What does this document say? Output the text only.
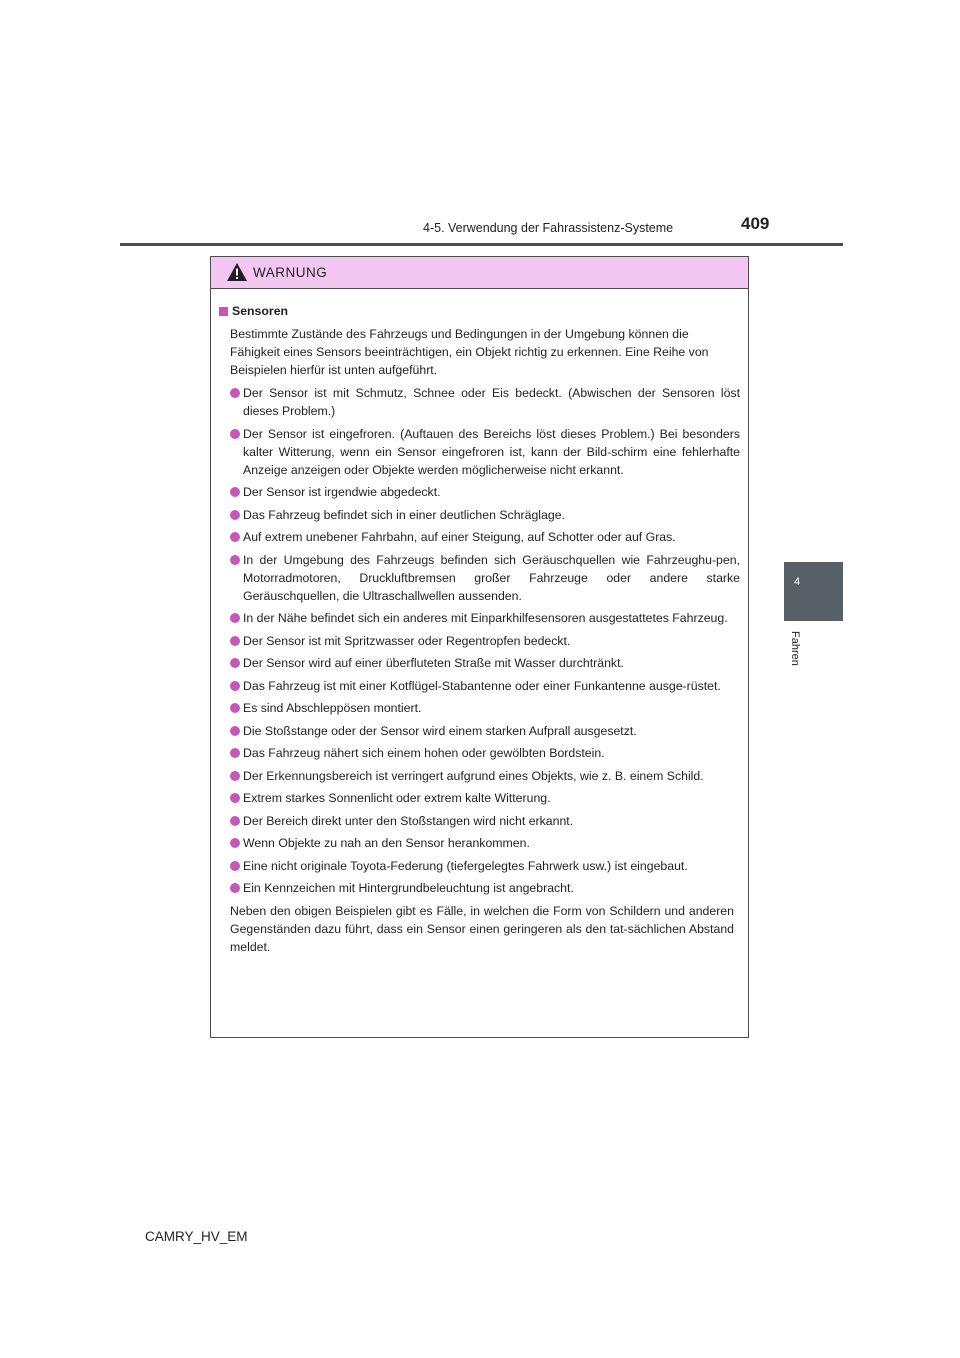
4-5. Verwendung der Fahrassistenz-Systeme	409
4
Fahren
WARNUNG
Sensoren
Bestimmte Zustände des Fahrzeugs und Bedingungen in der Umgebung können die Fähigkeit eines Sensors beeinträchtigen, ein Objekt richtig zu erkennen. Eine Reihe von Beispielen hierfür ist unten aufgeführt.
Der Sensor ist mit Schmutz, Schnee oder Eis bedeckt. (Abwischen der Sensoren löst dieses Problem.)
Der Sensor ist eingefroren. (Auftauen des Bereichs löst dieses Problem.) Bei besonders kalter Witterung, wenn ein Sensor eingefroren ist, kann der Bild-schirm eine fehlerhafte Anzeige anzeigen oder Objekte werden möglicherweise nicht erkannt.
Der Sensor ist irgendwie abgedeckt.
Das Fahrzeug befindet sich in einer deutlichen Schräglage.
Auf extrem unebener Fahrbahn, auf einer Steigung, auf Schotter oder auf Gras.
In der Umgebung des Fahrzeugs befinden sich Geräuschquellen wie Fahrzeughu-pen, Motorradmotoren, Druckluftbremsen großer Fahrzeuge oder andere starke Geräuschquellen, die Ultraschallwellen aussenden.
In der Nähe befindet sich ein anderes mit Einparkhilfesensoren ausgestattetes Fahrzeug.
Der Sensor ist mit Spritzwasser oder Regentropfen bedeckt.
Der Sensor wird auf einer überfluteten Straße mit Wasser durchtränkt.
Das Fahrzeug ist mit einer Kotflügel-Stabantenne oder einer Funkantenne ausge-rüstet.
Es sind Abschleppösen montiert.
Die Stoßstange oder der Sensor wird einem starken Aufprall ausgesetzt.
Das Fahrzeug nähert sich einem hohen oder gewölbten Bordstein.
Der Erkennungsbereich ist verringert aufgrund eines Objekts, wie z. B. einem Schild.
Extrem starkes Sonnenlicht oder extrem kalte Witterung.
Der Bereich direkt unter den Stoßstangen wird nicht erkannt.
Wenn Objekte zu nah an den Sensor herankommen.
Eine nicht originale Toyota-Federung (tiefergelegtes Fahrwerk usw.) ist eingebaut.
Ein Kennzeichen mit Hintergrundbeleuchtung ist angebracht.
Neben den obigen Beispielen gibt es Fälle, in welchen die Form von Schildern und anderen Gegenständen dazu führt, dass ein Sensor einen geringeren als den tat-sächlichen Abstand meldet.
CAMRY_HV_EM
